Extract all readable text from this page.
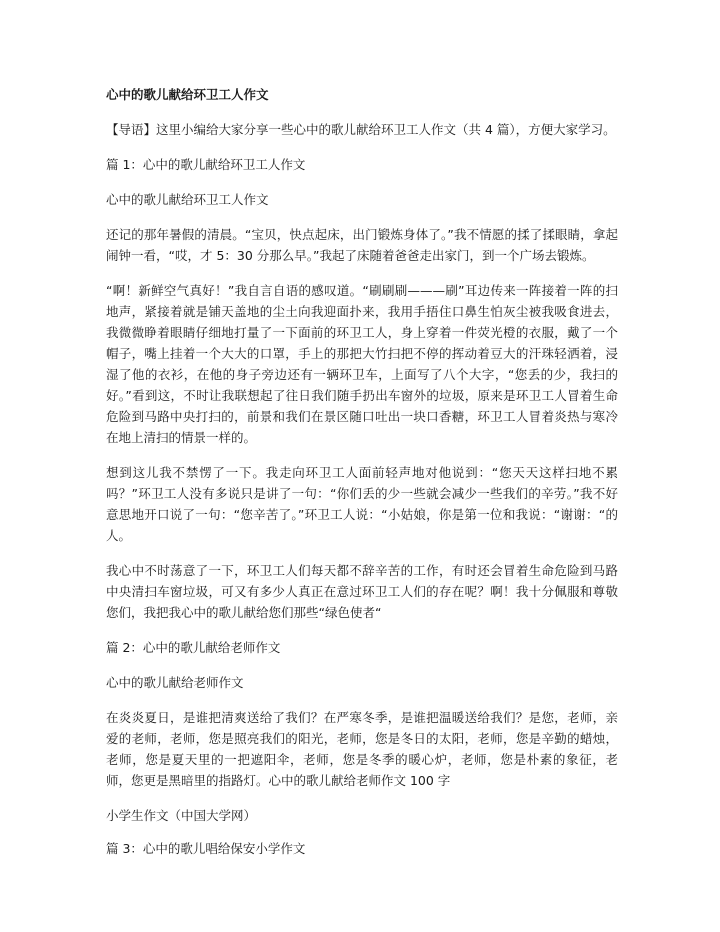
心中的歌儿献给环卫工人作文

【导语】这里小编给大家分享一些心中的歌儿献给环卫工人作文（共 4 篇），方便大家学习。

篇 1：心中的歌儿献给环卫工人作文

心中的歌儿献给环卫工人作文

还记的那年暑假的清晨。“宝贝，快点起床，出门锻炼身体了。”我不情愿的揉了揉眼睛，拿起闹钟一看，“哎，才 5：30 分那么早。”我起了床随着爸爸走出家门，到一个广场去锻炼。

“啊！新鲜空气真好！”我自言自语的感叹道。“刷刷刷———刷”耳边传来一阵接着一阵的扫地声，紧接着就是铺天盖地的尘土向我迎面扑来，我用手捂住口鼻生怕灰尘被我吸食进去，我微微睁着眼睛仔细地打量了一下面前的环卫工人，身上穿着一件荧光橙的衣服，戴了一个帽子，嘴上挂着一个大大的口罩，手上的那把大竹扫把不停的挥动着豆大的汗珠轻洒着，浸湿了他的衣衫，在他的身子旁边还有一辆环卫车，上面写了八个大字，“您丢的少，我扫的好。”看到这，不时让我联想起了往日我们随手扔出车窗外的垃圾，原来是环卫工人冒着生命危险到马路中央打扫的，前景和我们在景区随口吐出一块口香糖，环卫工人冒着炎热与寒冷在地上清扫的情景一样的。

想到这儿我不禁愣了一下。我走向环卫工人面前轻声地对他说到：“您天天这样扫地不累吗？”环卫工人没有多说只是讲了一句：“你们丢的少一些就会减少一些我们的辛劳。”我不好意思地开口说了一句：“您辛苦了。”环卫工人说：“小姑娘，你是第一位和我说：“谢谢：“的人。

我心中不时荡意了一下，环卫工人们每天都不辞辛苦的工作，有时还会冒着生命危险到马路中央清扫车窗垃圾，可又有多少人真正在意过环卫工人们的存在呢？啊！我十分佩服和尊敬您们，我把我心中的歌儿献给您们那些“绿色使者“

篇 2：心中的歌儿献给老师作文

心中的歌儿献给老师作文

在炎炎夏日，是谁把清爽送给了我们？在严寒冬季，是谁把温暖送给我们？是您，老师，亲爱的老师，老师，您是照亮我们的阳光，老师，您是冬日的太阳，老师，您是辛勤的蜡烛，老师，您是夏天里的一把遮阳伞，老师，您是冬季的暖心炉，老师，您是朴素的象征，老师，您更是黑暗里的指路灯。心中的歌儿献给老师作文 100 字

小学生作文（中国大学网）

篇 3：心中的歌儿唱给保安小学作文
